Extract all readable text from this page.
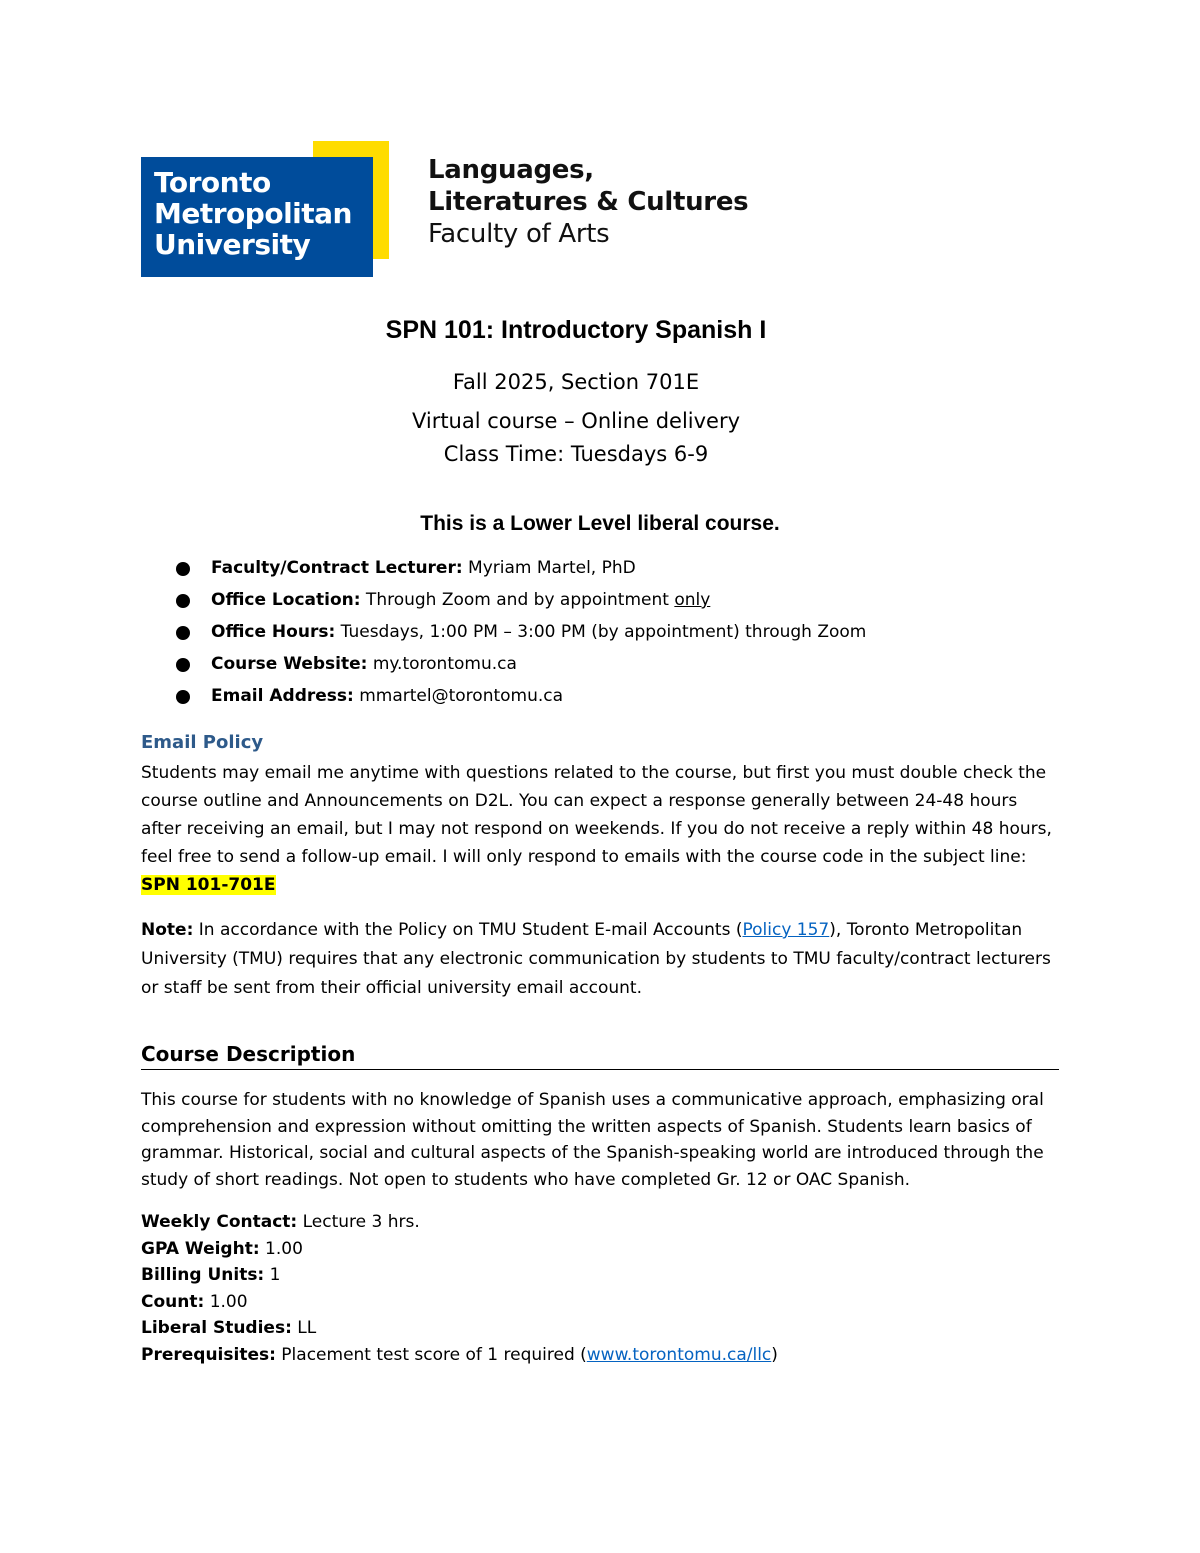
Toronto
Metropolitan
University
Languages,
Literatures & Cultures
Faculty of Arts
SPN 101: Introductory Spanish I
Fall 2025, Section 701E
Virtual course – Online delivery
Class Time: Tuesdays 6-9
This is a Lower Level liberal course.
Faculty/Contract Lecturer: Myriam Martel, PhD
Office Location: Through Zoom and by appointment only
Office Hours: Tuesdays, 1:00 PM – 3:00 PM (by appointment) through Zoom
Course Website: my.torontomu.ca
Email Address: mmartel@torontomu.ca
Email Policy
Students may email me anytime with questions related to the course, but first you must double check the course outline and Announcements on D2L. You can expect a response generally between 24-48 hours after receiving an email, but I may not respond on weekends. If you do not receive a reply within 48 hours, feel free to send a follow-up email. I will only respond to emails with the course code in the subject line: SPN 101-701E
Note: In accordance with the Policy on TMU Student E-mail Accounts (Policy 157), Toronto Metropolitan University (TMU) requires that any electronic communication by students to TMU faculty/contract lecturers or staff be sent from their official university email account.
Course Description
This course for students with no knowledge of Spanish uses a communicative approach, emphasizing oral comprehension and expression without omitting the written aspects of Spanish. Students learn basics of grammar. Historical, social and cultural aspects of the Spanish-speaking world are introduced through the study of short readings. Not open to students who have completed Gr. 12 or OAC Spanish.
Weekly Contact: Lecture 3 hrs.
GPA Weight: 1.00
Billing Units: 1
Count: 1.00
Liberal Studies: LL
Prerequisites: Placement test score of 1 required (www.torontomu.ca/llc)
